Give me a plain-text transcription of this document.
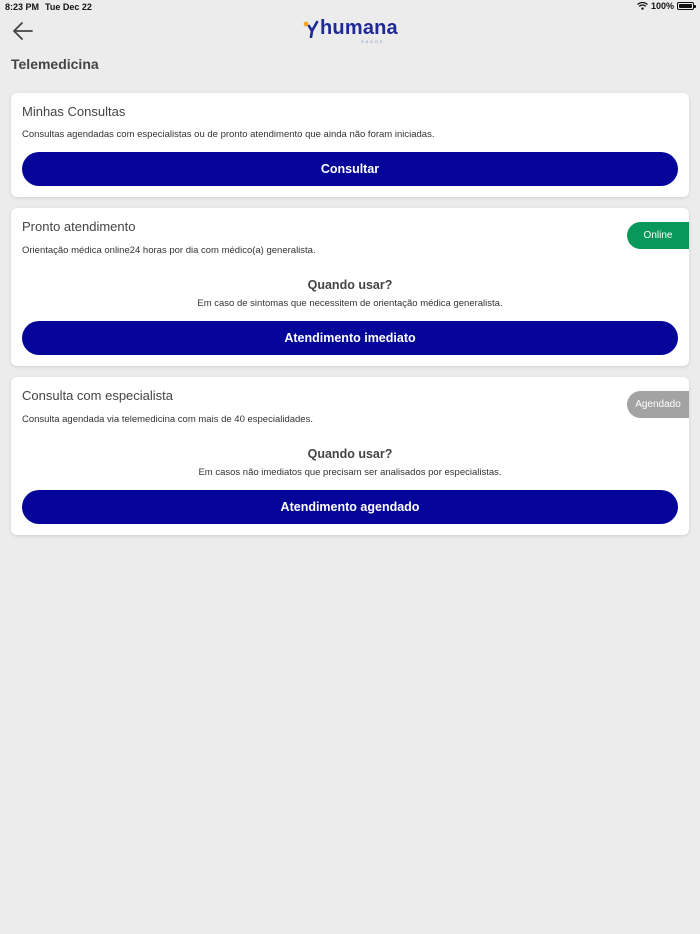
8:23 PM Tue Dec 22	100%
humana
SAÚDE
Telemedicina
Minhas Consultas
Consultas agendadas com especialistas ou de pronto atendimento que ainda não foram iniciadas.
Consultar
Pronto atendimento
Online
Orientação médica online24 horas por dia com médico(a) generalista.
Quando usar?
Em caso de sintomas que necessitem de orientação médica generalista.
Atendimento imediato
Consulta com especialista
Agendado
Consulta agendada via telemedicina com mais de 40 especialidades.
Quando usar?
Em casos não imediatos que precisam ser analisados por especialistas.
Atendimento agendado
